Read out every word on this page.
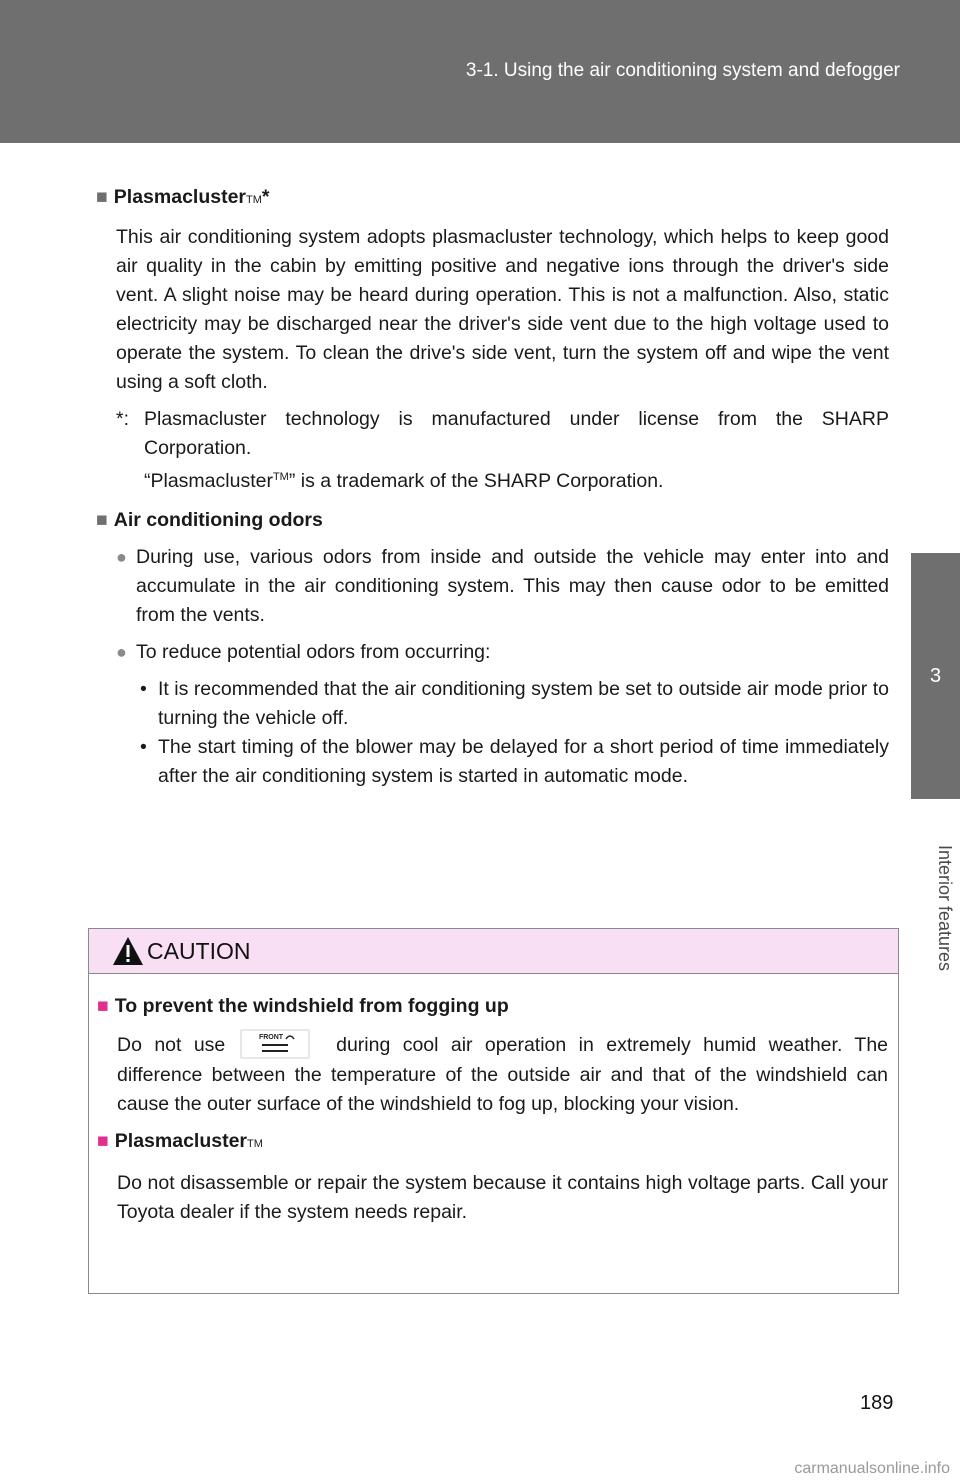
3-1. Using the air conditioning system and defogger
3
Interior features
■ Plasmacluster TM *
This air conditioning system adopts plasmacluster technology, which helps to keep good air quality in the cabin by emitting positive and negative ions through the driver's side vent. A slight noise may be heard during operation. This is not a malfunction. Also, static electricity may be discharged near the driver's side vent due to the high voltage used to operate the system. To clean the drive's side vent, turn the system off and wipe the vent using a soft cloth.
*: Plasmacluster technology is manufactured under license from the SHARP Corporation.
“Plasmacluster™” is a trademark of the SHARP Corporation.
■ Air conditioning odors
● During use, various odors from inside and outside the vehicle may enter into and accumulate in the air conditioning system. This may then cause odor to be emitted from the vents.
● To reduce potential odors from occurring:
• It is recommended that the air conditioning system be set to outside air mode prior to turning the vehicle off.
• The start timing of the blower may be delayed for a short period of time immediately after the air conditioning system is started in automatic mode.
CAUTION
■ To prevent the windshield from fogging up
Do not use	FRONT	during cool air operation in extremely humid weather. The difference between the temperature of the outside air and that of the windshield can cause the outer surface of the windshield to fog up, blocking your vision.
■ Plasmacluster TM
Do not disassemble or repair the system because it contains high voltage parts. Call your Toyota dealer if the system needs repair.
189
carmanualsonline.info
